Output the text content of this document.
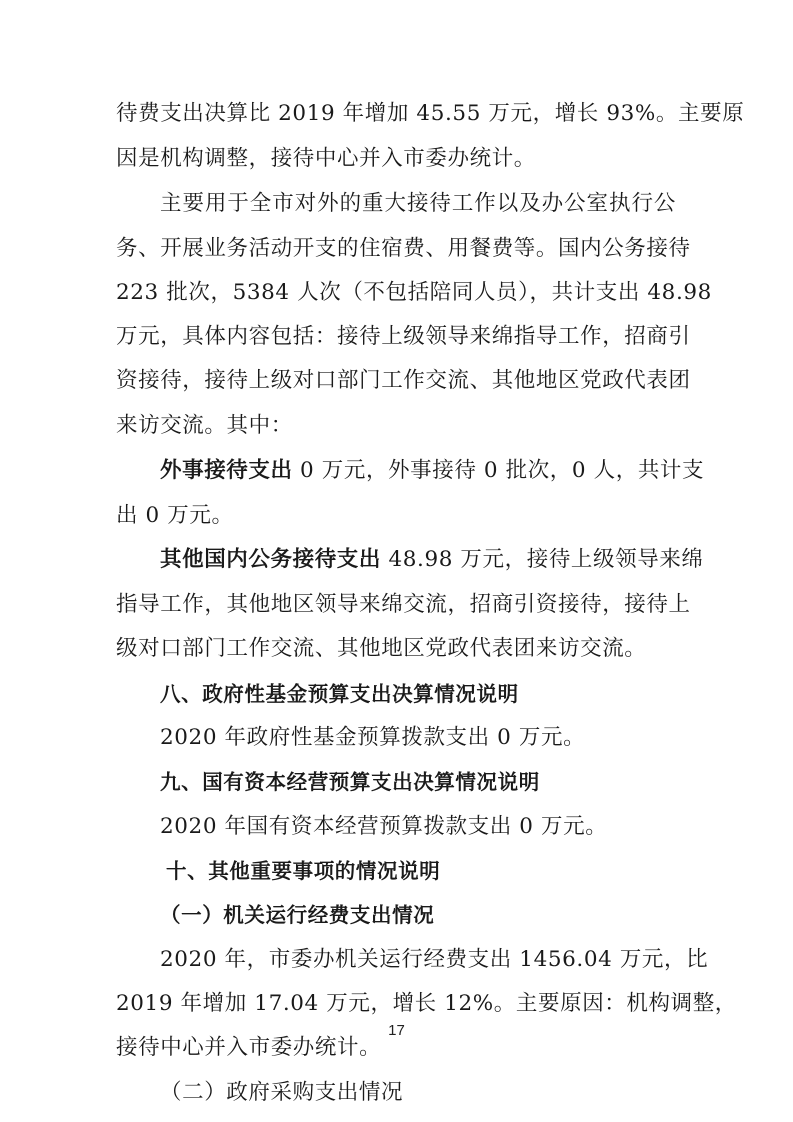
待费支出决算比 2019 年增加 45.55 万元，增长 93%。主要原

因是机构调整，接待中心并入市委办统计。

主要用于全市对外的重大接待工作以及办公室执行公

务、开展业务活动开支的住宿费、用餐费等。国内公务接待

223 批次，5384 人次（不包括陪同人员），共计支出 48.98

万元，具体内容包括：接待上级领导来绵指导工作，招商引

资接待，接待上级对口部门工作交流、其他地区党政代表团

来访交流。其中：

外事接待支出 0 万元，外事接待 0 批次，0 人，共计支

出 0 万元。

其他国内公务接待支出 48.98 万元，接待上级领导来绵

指导工作，其他地区领导来绵交流，招商引资接待，接待上

级对口部门工作交流、其他地区党政代表团来访交流。

八、政府性基金预算支出决算情况说明

2020 年政府性基金预算拨款支出 0 万元。

九、国有资本经营预算支出决算情况说明

2020 年国有资本经营预算拨款支出 0 万元。

十、其他重要事项的情况说明

（一）机关运行经费支出情况

2020 年，市委办机关运行经费支出 1456.04 万元，比

2019 年增加 17.04 万元，增长 12%。主要原因：机构调整，

接待中心并入市委办统计。

（二）政府采购支出情况

17
